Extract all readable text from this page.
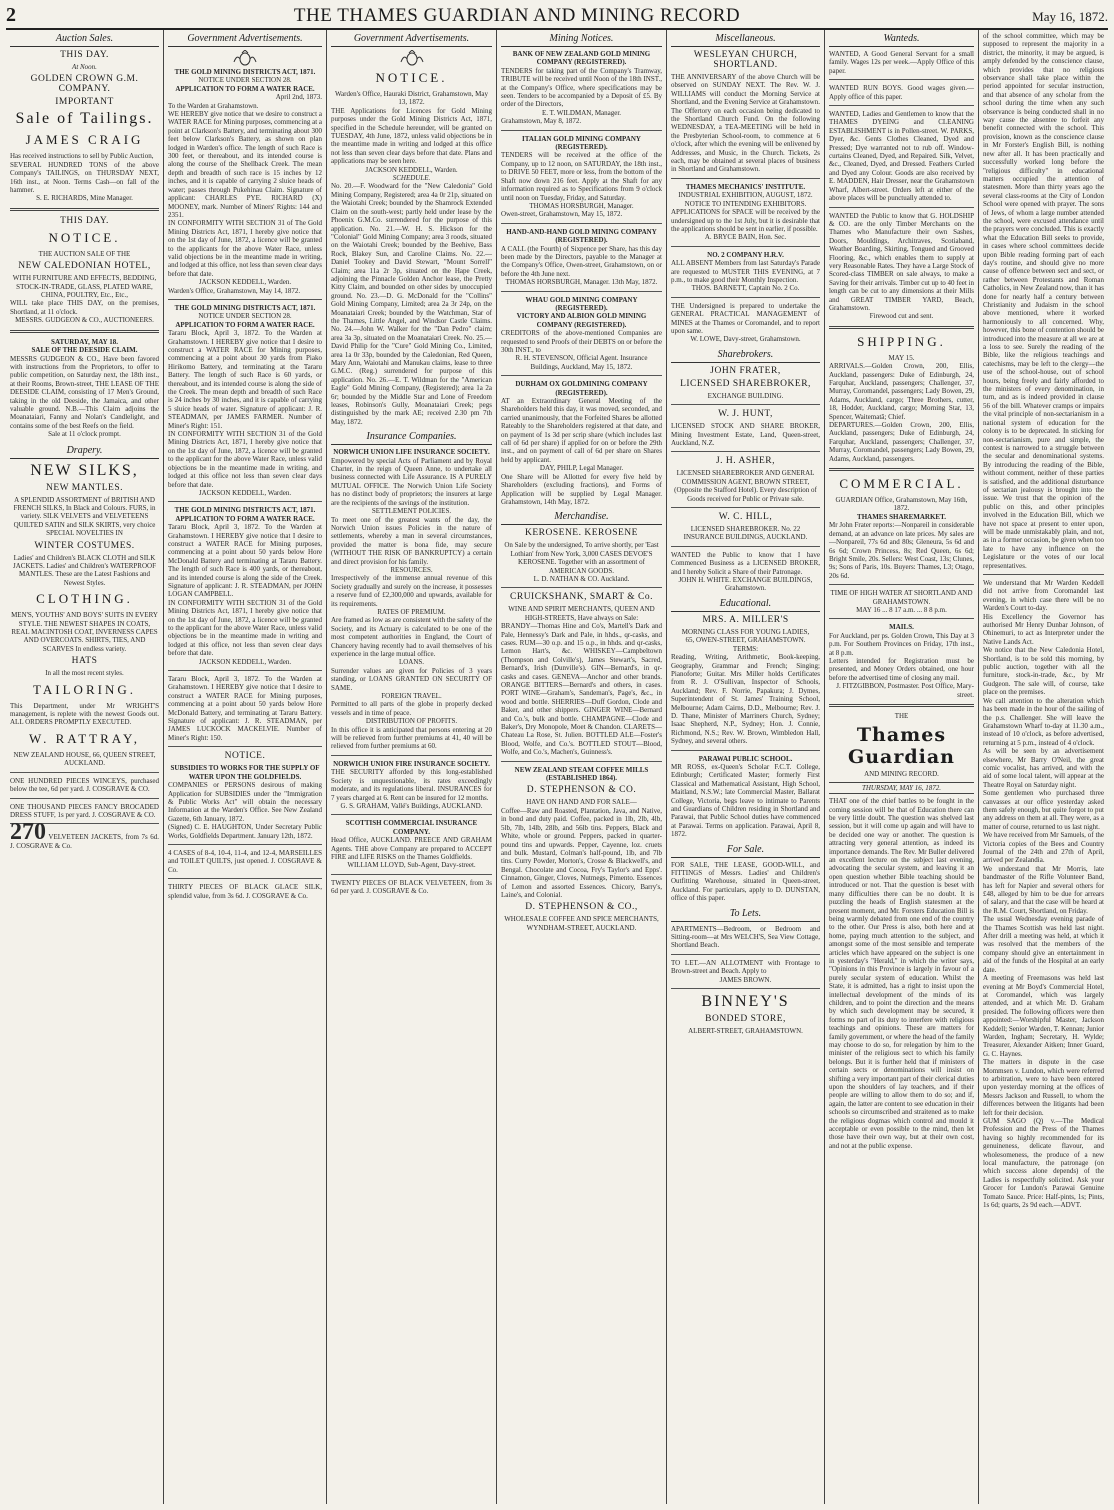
2	THE THAMES GUARDIAN AND MINING RECORD	May 16, 1872.
Auction Sales.
THIS DAY.
At Noon.
GOLDEN CROWN G.M. COMPANY.
IMPORTANT
Sale of Tailings.
JAMES CRAIG
Has received instructions to sell by Public Auction,
SEVERAL HUNDRED TONS of the above Company's TAILINGS, on THURSDAY NEXT, 16th inst., at Noon. Terms Cash—on fall of the hammer.
S. E. RICHARDS, Mine Manager.
THIS DAY.
NOTICE.
THE AUCTION SALE OF THE
NEW CALEDONIAN HOTEL,
WITH FURNITURE AND EFFECTS, BEDDING, STOCK-IN-TRADE, GLASS, PLATED WARE, CHINA, POULTRY, Etc., Etc.,
WILL take place THIS DAY, on the premises, Shortland, at 11 o'clock.
MESSRS. GUDGEON & CO., AUCTIONEERS.
SATURDAY, MAY 18.
SALE OF THE DEESIDE CLAIM.
MESSRS GUDGEON & CO., Have been favored with instructions from the Proprietors, to offer to public competition, on Saturday next, the 18th inst., at their Rooms, Brown-street, THE LEASE OF THE DEESIDE CLAIM, consisting of 17 Men's Ground, taking in the old Deeside, the Jamaica, and other valuable ground. N.B.—This Claim adjoins the Moanataiari, Fanny and Nolan's Candlelight, and contains some of the best Reefs on the field.
Sale at 11 o'clock prompt.
Drapery.
NEW SILKS,
NEW MANTLES.
A SPLENDID ASSORTMENT of BRITISH AND FRENCH SILKS, In Black and Colours. FURS, in variety. SILK VELVETS and VELVETEENS QUILTED SATIN and SILK SKIRTS, very choice
SPECIAL NOVELTIES IN
WINTER COSTUMES.
Ladies' and Children's BLACK CLOTH and SILK JACKETS. Ladies' and Children's WATERPROOF MANTLES. These are the Latest Fashions and Newest Styles.
CLOTHING.
MEN'S, YOUTHS' AND BOYS' SUITS IN EVERY STYLE. THE NEWEST SHAPES IN COATS, REAL MACINTOSH COAT, INVERNESS CAPES AND OVERCOATS. SHIRTS, TIES, AND SCARVES In endless variety.
HATS
In all the most recent styles.
TAILORING.
This Department, under Mr WRIGHT'S management, is replete with the newest Goods out. ALL ORDERS PROMPTLY EXECUTED.
W. RATTRAY,
NEW ZEALAND HOUSE, 66, QUEEN STREET, AUCKLAND.
ONE HUNDRED PIECES WINCEYS, purchased below the tee, 6d per yard. J. COSGRAVE & CO.
ONE THOUSAND PIECES FANCY BROCADED DRESS STUFF, 1s per yard. J. COSGRAVE & CO.
270 VELVETEEN JACKETS, from 7s 6d. J. COSGRAVE & Co.
Government Advertisements.
THE GOLD MINING DISTRICTS ACT, 1871.
NOTICE UNDER SECTION 28.
APPLICATION TO FORM A WATER RACE.
April 2nd, 1873.
To the Warden at Grahamstown.
WE HEREBY give notice that we desire to construct a WATER RACE for Mining purposes, commencing at a point at Clarkson's Battery, and terminating about 300 feet below Clarkson's Battery, as shown on plan lodged in Warden's office. The length of such Race is 300 feet, or thereabout, and its intended course is along the course of the Shellback Creek. The mean depth and breadth of such race is 15 inches by 12 inches, and it is capable of carrying 2 sluice heads of water; passes through Pukehinau Claim. Signature of applicant: CHARLES PYE. RICHARD (X) MOONEY, mark. Number of Miners' Rights: 144 and 2351.
IN CONFORMITY WITH SECTION 31 of The Gold Mining Districts Act, 1871, I hereby give notice that on the 1st day of June, 1872, a licence will be granted to the applicants for the above Water Race, unless valid objections be in the meantime made in writing, and lodged at this office, not less than seven clear days before that date.
JACKSON KEDDELL, Warden.
Warden's Office, Grahamstown, May 14, 1872.
THE GOLD MINING DISTRICTS ACT, 1871.
NOTICE UNDER SECTION 28.
APPLICATION TO FORM A WATER RACE.
Tararu Block, April 3, 1872. To the Warden at Grahamstown. I HEREBY give notice that I desire to construct a WATER RACE for Mining purposes, commencing at a point about 30 yards from Piako Hirikomo Battery, and terminating at the Tararu Battery. The length of such Race is 60 yards, or thereabout, and its intended course is along the side of the Creek. The mean depth and breadth of such Race is 24 inches by 30 inches, and it is capable of carrying 5 sluice heads of water. Signature of applicant: J. R. STEADMAN, per JAMES FARMER. Number of Miner's Right: 151.
IN CONFORMITY WITH SECTION 31 of the Gold Mining Districts Act, 1871, I hereby give notice that on the 1st day of June, 1872, a licence will be granted to the applicant for the above Water Race, unless valid objections be in the meantime made in writing, and lodged at this office not less than seven clear days before that date.
JACKSON KEDDELL, Warden.
THE GOLD MINING DISTRICTS ACT, 1871.
APPLICATION TO FORM A WATER RACE.
Tararu Block, April 3, 1872. To the Warden at Grahamstown. I HEREBY give notice that I desire to construct a WATER RACE for Mining purposes, commencing at a point about 50 yards below Hore McDonald Battery and terminating at Tararu Battery. The length of such Race is 400 yards, or thereabout, and its intended course is along the side of the Creek. Signature of applicant: J. R. STEADMAN, per JOHN LOGAN CAMPBELL.
IN CONFORMITY WITH SECTION 31 of the Gold Mining Districts Act, 1871, I hereby give notice that on the 1st day of June, 1872, a licence will be granted to the applicant for the above Water Race, unless valid objections be in the meantime made in writing and lodged at this office, not less than seven clear days before that date.
JACKSON KEDDELL, Warden.
Tararu Block, April 3, 1872. To the Warden at Grahamstown. I HEREBY give notice that I desire to construct a WATER RACE for Mining purposes, commencing at a point about 50 yards below Hore McDonald Battery, and terminating at Tararu Battery. Signature of applicant: J. R. STEADMAN, per JAMES LUCKOCK MACKELVIE. Number of Miner's Right: 150.
NOTICE.
SUBSIDIES TO WORKS FOR THE SUPPLY OF WATER UPON THE GOLDFIELDS.
COMPANIES or PERSONS desirous of making Application for SUBSIDIES under the "Immigration & Public Works Act" will obtain the necessary Information at the Warden's Office. See New Zealand Gazette, 6th January, 1872.
(Signed) C. E. HAUGHTON, Under Secretary Public Works, Goldfields Department. January 12th, 1872.
4 CASES of 8-4, 10-4, 11-4, and 12-4, MARSEILLES and TOILET QUILTS, just opened. J. COSGRAVE & Co.
THIRTY PIECES OF BLACK GLACE SILK, splendid value, from 3s 6d. J. COSGRAVE & Co.
Government Advertisements.
NOTICE.
Warden's Office, Hauraki District, Grahamstown, May 13, 1872.
THE Applications for Licences for Gold Mining purposes under the Gold Mining Districts Act, 1871, specified in the Schedule hereunder, will be granted on TUESDAY, 4th June, 1872, unless valid objections be in the meantime made in writing and lodged at this office not less than seven clear days before that date. Plans and applications may be seen here.
JACKSON KEDDELL, Warden.
SCHEDULE.
No. 20.—F. Woodward for the "New Caledonia" Gold Mining Company, Registered; area 4a 0r 21p, situated on the Waiotahi Creek; bounded by the Shamrock Extended Claim on the south-west; partly held under lease by the Phoenix G.M.Co. surrendered for the purpose of this application. No. 21.—W. H. S. Hickson for the "Colonial" Gold Mining Company; area 3 roods, situated on the Waiotahi Creek; bounded by the Beehive, Bass Rock, Blakey Sun, and Caroline Claims. No. 22.—Daniel Tookey and David Stewart, "Mount Sorrell" Claim; area 11a 2r 3p, situated on the Hape Creek, adjoining the Pinnacle Golden Anchor lease, the Pretty Kitty Claim, and bounded on other sides by unoccupied ground. No. 23.—D. G. McDonald for the "Collins" Gold Mining Company, Limited; area 2a 3r 24p, on the Moanataiari Creek; bounded by the Watchman, Star of the Thames, Little Angel, and Windsor Castle Claims. No. 24.—John W. Walker for the "Dan Pedro" claim; area 3a 3p, situated on the Moanataiari Creek. No. 25.—David Philip for the "Cure" Gold Mining Co., Limited, area 1a 0r 33p, bounded by the Caledonian, Red Queen, Mary Ann, Waiotahi and Manukau claims, lease to three G.M.C. (Reg.) surrendered for purpose of this application. No. 26.—E. T. Wildman for the "American Eagle" Gold Mining Company, (Registered); area 1a 2a 6r; bounded by the Middle Star and Lone of Freedom leases, Robinson's Gully, Moanataiari Creek; pegs distinguished by the mark AE; received 2.30 pm 7th May, 1872.
Insurance Companies.
NORWICH UNION LIFE INSURANCE SOCIETY.
Empowered by special Acts of Parliament and by Royal Charter, in the reign of Queen Anne, to undertake all business connected with Life Assurance. IS A PURELY MUTUAL OFFICE. The Norwich Union Life Society has no distinct body of proprietors; the insurers at large are the recipients of the savings of the institution.
SETTLEMENT POLICIES.
To meet one of the greatest wants of the day, the Norwich Union issues Policies in the nature of settlements, whereby a man in several circumstances, provided the matter is bona fide, may secure (WITHOUT THE RISK OF BANKRUPTCY) a certain and direct provision for his family.
RESOURCES.
Irrespectively of the immense annual revenue of this Society gradually and surely on the increase, it possesses a reserve fund of £2,300,000 and upwards, available for its requirements.
RATES OF PREMIUM.
Are framed as low as are consistent with the safety of the Society, and its Actuary is calculated to be one of the most competent authorities in England, the Court of Chancery having recently had to avail themselves of his experience in the large mutual office.
LOANS.
Surrender values are given for Policies of 3 years standing, or LOANS GRANTED ON SECURITY OF SAME.
FOREIGN TRAVEL.
Permitted to all parts of the globe in properly decked vessels and in time of peace.
DISTRIBUTION OF PROFITS.
In this office it is anticipated that persons entering at 20 will be relieved from further premiums at 41, 40 will be relieved from further premiums at 60.
NORWICH UNION FIRE INSURANCE SOCIETY.
THE SECURITY afforded by this long-established Society is unquestionable, its rates exceedingly moderate, and its regulations liberal. INSURANCES for 7 years charged at 6. Rent can be insured for 12 months.
G. S. GRAHAM, Vallé's Buildings, AUCKLAND.
SCOTTISH COMMERCIAL INSURANCE COMPANY.
Head Office, AUCKLAND. PREECE AND GRAHAM Agents. THE above Company are prepared to ACCEPT FIRE and LIFE RISKS on the Thames Goldfields.
WILLIAM LLOYD, Sub-Agent, Davy-street.
TWENTY PIECES OF BLACK VELVETEEN, from 3s 6d per yard. J. COSGRAVE & Co.
Mining Notices.
BANK OF NEW ZEALAND GOLD MINING COMPANY (REGISTERED).
TENDERS for taking part of the Company's Tramway, TRIBUTE will be received until Noon of the 18th INST., at the Company's Office, where specifications may be seen. Tenders to be accompanied by a Deposit of £5. By order of the Directors,
E. T. WILDMAN, Manager.
Grahamstown, May 8, 1872.
ITALIAN GOLD MINING COMPANY (REGISTERED).
TENDERS will be received at the office of the Company, up to 12 noon, on SATURDAY, the 18th inst., to DRIVE 50 FEET, more or less, from the bottom of the Shaft now down 216 feet. Apply at the Shaft for any information required as to Specifications from 9 o'clock until noon on Tuesday, Friday, and Saturday.
THOMAS HORSBURGH, Manager.
Owen-street, Grahamstown, May 15, 1872.
HAND-AND-HAND GOLD MINING COMPANY (REGISTERED).
A CALL (the Fourth) of Sixpence per Share, has this day been made by the Directors, payable to the Manager at the Company's Office, Owen-street, Grahamstown, on or before the 4th June next.
THOMAS HORSBURGH, Manager. 13th May, 1872.
WHAU GOLD MINING COMPANY (REGISTERED).
VICTORY AND ALBION GOLD MINING COMPANY (REGISTERED).
CREDITORS of the above-mentioned Companies are requested to send Proofs of their DEBTS on or before the 30th INST., to
R. H. STEVENSON, Official Agent. Insurance Buildings, Auckland, May 15, 1872.
DURHAM OX GOLDMINING COMPANY (REGISTERED).
AT an Extraordinary General Meeting of the Shareholders held this day, it was moved, seconded, and carried unanimously, that the Forfeited Shares be allotted Rateably to the Shareholders registered at that date, and on payment of 1s 3d per scrip share (which includes last call of 6d per share) if applied for on or before the 29th inst., and on payment of call of 6d per share on Shares held by applicant.
DAY, PHILP, Legal Manager.
One Share will be Allotted for every five held by Shareholders (excluding fractions), and Forms of Application will be supplied by Legal Manager. Grahamstown, 14th May, 1872.
Merchandise.
KEROSENE. KEROSENE
On Sale by the undersigned, To arrive shortly, per 'East Lothian' from New York, 3,000 CASES DEVOE'S KEROSENE. Together with an assortment of AMERICAN GOODS.
L. D. NATHAN & CO. Auckland.
CRUICKSHANK, SMART & Co.
WINE AND SPIRIT MERCHANTS, QUEEN AND HIGH-STREETS, Have always on Sale:
BRANDY—Thomas Hine and Co's, Martell's Dark and Pale, Hennessy's Dark and Pale, in hhds., qr-casks, and cases. RUM—30 o.p. and 15 o.p., in hhds. and qr-casks, Lemon Hart's, &c. WHISKEY—Campbeltown (Thompson and Colville's), James Stewart's, Sacred, Bernard's, Irish (Dunville's). GIN—Bernard's, in qr-casks and cases. GENEVA—Anchor and other brands. ORANGE BITTERS—Bernard's and others, in cases. PORT WINE—Graham's, Sandeman's, Page's, &c., in wood and bottle. SHERRIES—Duff Gordon, Clode and Baker, and other shippers. GINGER WINE—Bernard and Co.'s, bulk and bottle. CHAMPAGNE—Clode and Baker's, Dry Monopole, Moet & Chandon. CLARETS—Chateau La Rose, St. Julien. BOTTLED ALE—Foster's Blood, Wolfe, and Co.'s. BOTTLED STOUT—Blood, Wolfe, and Co.'s, Machen's, Guinness's.
NEW ZEALAND STEAM COFFEE MILLS (ESTABLISHED 1864).
D. STEPHENSON & CO.
HAVE ON HAND AND FOR SALE—
Coffee—Raw and Roasted, Plantation, Java, and Native, in bond and duty paid. Coffee, packed in 1lb, 2lb, 4lb, 5lb, 7lb, 14lb, 28lb, and 56lb tins. Peppers, Black and White, whole or ground. Peppers, packed in quarter-pound tins and upwards. Pepper, Cayenne, loz. cruets and bulk. Mustard, Colman's half-pound, 1lb, and 7lb tins. Curry Powder, Morton's, Crosse & Blackwell's, and Bengal. Chocolate and Cocoa, Fry's Taylor's and Epps'. Cinnamon, Ginger, Cloves, Nutmegs, Pimento. Essences of Lemon and assorted Essences. Chicory, Barry's, Laine's, and Colonial.
D. STEPHENSON & CO.,
WHOLESALE COFFEE AND SPICE MERCHANTS, WYNDHAM-STREET, AUCKLAND.
Miscellaneous.
WESLEYAN CHURCH, SHORTLAND.
THE ANNIVERSARY of the above Church will be observed on SUNDAY NEXT. The Rev. W. J. WILLIAMS will conduct the Morning Service at Shortland, and the Evening Service at Grahamstown. The Offertory on each occasion being dedicated to the Shortland Church Fund. On the following WEDNESDAY, a TEA-MEETING will be held in the Presbyterian School-room, to commence at 6 o'clock, after which the evening will be enlivened by Addresses, and Music, in the Church. Tickets, 2s each, may be obtained at several places of business in Shortland and Grahamstown.
THAMES MECHANICS' INSTITUTE.
INDUSTRIAL EXHIBITION, AUGUST, 1872.
NOTICE TO INTENDING EXHIBITORS.
APPLICATIONS for SPACE will be received by the undersigned up to the 1st July, but it is desirable that the applications should be sent in earlier, if possible.
A. BRYCE BAIN, Hon. Sec.
NO. 2 COMPANY H.R.V.
ALL ABSENT Members from last Saturday's Parade are requested to MUSTER THIS EVENING, at 7 p.m., to make good their Monthly Inspection.
THOS. BARNETT, Captain No. 2 Co.
THE Undersigned is prepared to undertake the GENERAL PRACTICAL MANAGEMENT of MINES at the Thames or Coromandel, and to report upon same.
W. LOWE, Davy-street, Grahamstown.
Sharebrokers.
JOHN FRATER,
LICENSED SHAREBROKER,
EXCHANGE BUILDING.
W. J. HUNT,
LICENSED STOCK AND SHARE BROKER, Mining Investment Estate, Land, Queen-street, Auckland, N.Z.
J. H. ASHER,
LICENSED SHAREBROKER AND GENERAL COMMISSION AGENT, BROWN STREET, (Opposite the Stafford Hotel). Every description of Goods received for Public or Private sale.
W. C. HILL,
LICENSED SHAREBROKER. No. 22 INSURANCE BUILDINGS, AUCKLAND.
WANTED the Public to know that I have Commenced Business as a LICENSED BROKER, and I hereby Solicit a Share of their Patronage.
JOHN H. WHITE. EXCHANGE BUILDINGS, Grahamstown.
Educational.
MRS. A. MILLER'S
MORNING CLASS FOR YOUNG LADIES,
65, OWEN-STREET, GRAHAMSTOWN.
TERMS:
Reading, Writing, Arithmetic, Book-keeping, Geography, Grammar and French; Singing; Pianoforte; Guitar. Mrs Miller holds Certificates from R. J. O'Sullivan, Inspector of Schools, Auckland; Rev. F. Norrie, Papakura; J. Dymes, Superintendent of St. James' Training School, Melbourne; Adam Cairns, D.D., Melbourne; Rev. J. D. Thane, Minister of Marriners Church, Sydney; Isaac Shepherd, N.P., Sydney; Hon. J. Connie, Richmond, N.S.; Rev. W. Brown, Wimbledon Hall, Sydney, and several others.
PARAWAI PUBLIC SCHOOL.
MR ROSS, ex-Queen's Scholar F.C.T. College, Edinburgh; Certificated Master; formerly First Classical and Mathematical Assistant, High School, Maitland, N.S.W.; late Commercial Master, Ballarat College, Victoria, begs leave to intimate to Parents and Guardians of Children residing in Shortland and Parawai, that Public School duties have commenced at Parawai. Terms on application. Parawai, April 8, 1872.
For Sale.
FOR SALE, THE LEASE, GOOD-WILL, and FITTINGS of Messrs. Ladies' and Children's Outfitting Warehouse, situated in Queen-street, Auckland. For particulars, apply to D. DUNSTAN, office of this paper.
To Lets.
APARTMENTS—Bedroom, or Bedroom and Sitting-room—at Mrs WELCH'S, Sea View Cottage, Shortland Beach.
TO LET.—AN ALLOTMENT with Frontage to Brown-street and Beach. Apply to
JAMES BROWN.
BINNEY'S
BONDED STORE,
ALBERT-STREET, GRAHAMSTOWN.
Wanteds.
WANTED, A Good General Servant for a small family. Wages 12s per week.—Apply Office of this paper.
WANTED RUN BOYS. Good wages given.—Apply office of this paper.
WANTED, Ladies and Gentlemen to know that the THAMES DYEING and CLEANING ESTABLISHMENT is in Pollen-street. W. PARKS, Dyer, &c. Gents Clothes Cleaned, Dyed and Pressed; Dye warranted not to rub off. Window-curtains Cleaned, Dyed, and Repaired. Silk, Velvet, &c., Cleaned, Dyed, and Dressed. Feathers Curled and Dyed any Colour. Goods are also received by E. MADDEN, Hair Dresser, near the Grahamstown Wharf, Albert-street. Orders left at either of the above places will be punctually attended to.
WANTED the Public to know that G. HOLDSHIP & CO. are the only Timber Merchants on the Thames who Manufacture their own Sashes, Doors, Mouldings, Architraves, Scotiaband, Weather Boarding, Skirting, Tongued and Grooved Flooring, &c., which enables them to supply at very Reasonable Rates. They have a Large Stock of Scored-class TIMBER on sale always, to make a Saving for their arrivals. Timber cut up to 40 feet in length can be cut to any dimensions at their Mills and GREAT TIMBER YARD, Beach, Grahamstown.
Firewood cut and sent.
SHIPPING.
MAY 15.
ARRIVALS.—Golden Crown, 200, Ellis, Auckland, passengers: Duke of Edinburgh, 24, Farquhar, Auckland, passengers; Challenger, 37, Murray, Coromandel, passengers; Lady Bowen, 29, Adams, Auckland, cargo; Three Brothers, cutter, 18, Hodder, Auckland, cargo; Morning Star, 13, Spencer, Waitematā; Chief.
DEPARTURES.—Golden Crown, 200, Ellis, Auckland, passengers; Duke of Edinburgh, 24, Farquhar, Auckland, passengers; Challenger, 37, Murray, Coromandel, passengers; Lady Bowen, 29, Adams, Auckland, passengers.
COMMERCIAL.
GUARDIAN Office, Grahamstown, May 16th, 1872.
THAMES SHAREMARKET.
Mr John Frater reports:—Nonpareil in considerable demand, at an advance on late prices. My sales are—Nonpareil, 77s 6d and 80s; Gleneura, 5s 6d and 6s 6d; Crown Princess, 8s; Red Queen, 6s 6d; Bright Smile, 20s. Sellers: West Coast, 13s; Clunes, 9s; Sons of Paris, 10s. Buyers: Thames, L3; Otago, 20s 6d.
TIME OF HIGH WATER AT SHORTLAND AND GRAHAMSTOWN.
MAY 16 ... 8 17 a.m. ... 8 8 p.m.
MAILS.
For Auckland, per ps. Golden Crown, This Day at 3 p.m. For Southern Provinces on Friday, 17th inst., at 8 p.m.
Letters intended for Registration must be presented, and Money Orders obtained, one hour before the advertised time of closing any mail.
J. FITZGIBBON, Postmaster. Post Office, Mary-street.
THE
Thames Guardian
AND MINING RECORD.
THURSDAY, MAY 16, 1872.
THAT one of the chief battles to be fought in the coming session will be that of Education there can be very little doubt. The question was shelved last session, but it will come up again and will have to be decided one way or another. The question is attracting very general attention, as indeed its importance demands. The Rev. Mr Buller delivered an excellent lecture on the subject last evening, advocating the secular system, and leaving it an open question whether Bible teaching should be introduced or not. That the question is beset with many difficulties there can be no doubt. It is puzzling the heads of English statesmen at the present moment, and Mr. Forsters Education Bill is being warmly debated from one end of the country to the other. Our Press is also, both here and at home, paying much attention to the subject, and amongst some of the most sensible and temperate articles which have appeared on the subject is one in yesterday's "Herald," in which the writer says, "Opinions in this Province is largely in favour of a purely secular system of education. Whilst the State, it is admitted, has a right to insist upon the intellectual development of the minds of its children, and to point the direction and the means by which such development may be secured, it forms no part of its duty to interfere with religious teachings and opinions. These are matters for family government, or where the head of the family may choose to do so, for relegation by him to the minister of the religious sect to which his family belongs. But it is further held that if ministers of certain sects or denominations will insist on shifting a very important part of their clerical duties upon the shoulders of lay teachers, and if their people are willing to allow them to do so; and if, again, the latter are content to see education in their schools so circumscribed and straitened as to make the religious dogmas which control and mould it acceptable or even possible to the mind, then let those have their own way, but at their own cost, and not at the public expense.
of the school committee, which may be supposed to represent the majority in a district, the minority, it may be argued, is amply defended by the conscience clause, which provides that no religious observance shall take place within the period appointed for secular instruction, and that absence of any scholar from the school during the time when any such observance is being conducted shall in no way cause the absentee to forfeit any benefit connected with the school. This provision, known as the conscience clause in Mr Forster's English Bill, is nothing new after all. It has been practically and successfully worked long before the "religious difficulty" in educational matters occupied the attention of statesmen. More than thirty years ago the several class-rooms at the City of London School were opened with prayer. The sons of Jews, of whom a large number attended the school, were excused attendance until the prayers were concluded. This is exactly what the Education Bill seeks to provide, in cases where school committees decide upon Bible reading forming part of each day's routine, and should give no more cause of offence between sect and sect, or rather between Protestants and Roman Catholics, in New Zealand now, than it has done for nearly half a century between Christianity and Judaism in the school above mentioned, where it worked harmoniously to all concerned. Why, however, this bone of contention should be introduced into the measure at all we are at a loss to see. Surely the reading of the Bible, like the religious teachings and catechisms, may be left to the clergy—the use of the school-house, out of school hours, being freely and fairly afforded to the ministers of every denomination, in turn, and as is indeed provided in clause 56 of the bill. Whatever cramps or impairs the vital principle of non-sectarianism in a national system of education for the colony is to be deprecated. In sticking for non-sectarianism, pure and simple, the contest is narrowed to a struggle between the secular and denominational systems. By introducing the reading of the Bible, without comment, neither of these parties is satisfied, and the additional disturbance of sectarian jealousy is brought into the issue. We trust that the opinion of the public on this, and other principles involved in the Education Bill, which we have not space at present to enter upon, will be made unmistakably plain, and not, as in a former occasion, be given when too late to have any influence on the Legislature or the votes of our local representatives.
We understand that Mr Warden Keddell did not arrive from Coromandel last evening, in which case there will be no Warden's Court to-day.
His Excellency the Governor has authorised Mr Henry Dunbar Johnson, of Ohinemuri, to act as Interpreter under the Native Lands Act.
We notice that the New Caledonia Hotel, Shortland, is to be sold this morning, by public auction, together with all the furniture, stock-in-trade, &c., by Mr Gudgeon. The sale will, of course, take place on the premises.
We call attention to the alteration which has been made in the hour of the sailing of the p.s. Challenger. She will leave the Grahamstown Wharf to-day at 11.30 a.m., instead of 10 o'clock, as before advertised, returning at 5 p.m., instead of 4 o'clock.
As will be seen by an advertisement elsewhere, Mr Barry O'Neil, the great comic vocalist, has arrived, and with the aid of some local talent, will appear at the Theatre Royal on Saturday night.
Some gentlemen who purchased three canvasses at our office yesterday asked them safely enough, but quite forgot to put any address on them at all. They were, as a matter of course, returned to us last night.
We have received from Mr Samuels, of the Victoria copies of the Bees and Country Journal of the 24th and 27th of April, arrived per Zealandia.
We understand that Mr Morris, late bandmaster of the Rifle Volunteer Band, has left for Napier and several others for £48, alleged by him to be due for arrears of salary, and that the case will be heard at the R.M. Court, Shortland, on Friday.
The usual Wednesday evening parade of the Thames Scottish was held last night. After drill a meeting was held, at which it was resolved that the members of the company should give an entertainment in aid of the funds of the Hospital at an early date.
A meeting of Freemasons was held last evening at Mr Boyd's Commercial Hotel, at Coromandel, which was largely attended, and at which Mr. D. Graham presided. The following officers were then appointed:—Worshipful Master, Jackson Keddell; Senior Warden, T. Kennan; Junior Warden, Ingham; Secretary, H. Wylde; Treasurer, Alexander Aitken; Inner Guard, G. C. Haynes.
The matters in dispute in the case Mommsen v. Lundon, which were referred to arbitration, were to have been entered upon yesterday morning at the offices of Messrs Jackson and Russell, to whom the differences between the litigants had been left for their decision.
GUM SAGO (Q) v.—The Medical Profession and the Press of the Thames having so highly recommended for its genuineness, delicate flavour, and wholesomeness, the produce of a new local manufacture, the patronage (on which success alone depends) of the Ladies is respectfully solicited. Ask your Grocer for Lundon's Parawai Genuine Tomato Sauce. Price: Half-pints, 1s; Pints, 1s 6d; quarts, 2s 9d each.—ADVT.
